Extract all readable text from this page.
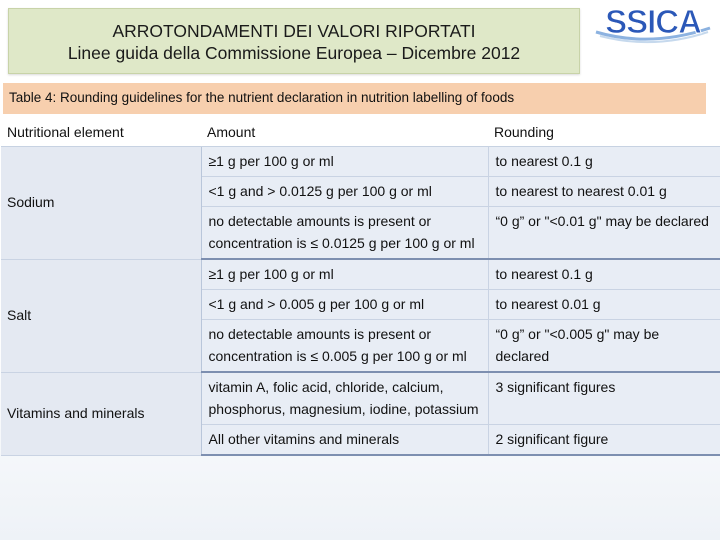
ARROTONDAMENTI DEI VALORI RIPORTATI
Linee guida della Commissione Europea – Dicembre 2012
SSICA
Table 4: Rounding guidelines for the nutrient declaration in nutrition labelling of foods
Nutritional element	Amount	Rounding
Sodium	≥1 g per 100 g or ml	to nearest 0.1 g
	<1 g and > 0.0125 g per 100 g or ml	to nearest to nearest 0.01 g
	no detectable amounts is present or concentration is ≤ 0.0125 g per 100 g or ml	“0 g” or "<0.01 g" may be declared
Salt	≥1 g per 100 g or ml	to nearest 0.1 g
	<1 g and > 0.005 g per 100 g or ml	to nearest 0.01 g
	no detectable amounts is present or concentration is ≤ 0.005 g per 100 g or ml	“0 g” or "<0.005 g" may be declared
Vitamins and minerals	vitamin A, folic acid, chloride, calcium, phosphorus, magnesium, iodine, potassium	3 significant figures
	All other vitamins and minerals	2 significant figure
